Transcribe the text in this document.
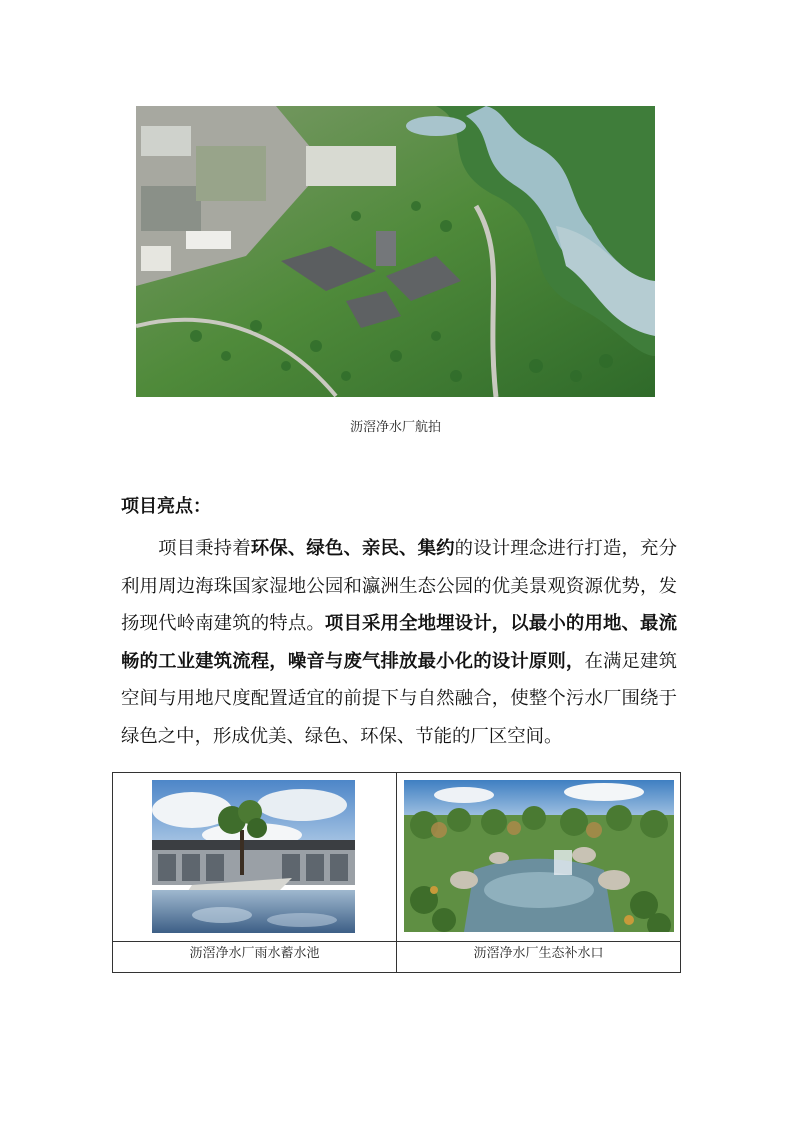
沥滘净水厂航拍
项目亮点：

　　项目秉持着环保、绿色、亲民、集约的设计理念进行打造，充分利用周边海珠国家湿地公园和瀛洲生态公园的优美景观资源优势，发扬现代岭南建筑的特点。项目采用全地埋设计，以最小的用地、最流畅的工业建筑流程，噪音与废气排放最小化的设计原则，在满足建筑空间与用地尺度配置适宜的前提下与自然融合，使整个污水厂围绕于绿色之中，形成优美、绿色、环保、节能的厂区空间。

沥滘净水厂雨水蓄水池	沥滘净水厂生态补水口
